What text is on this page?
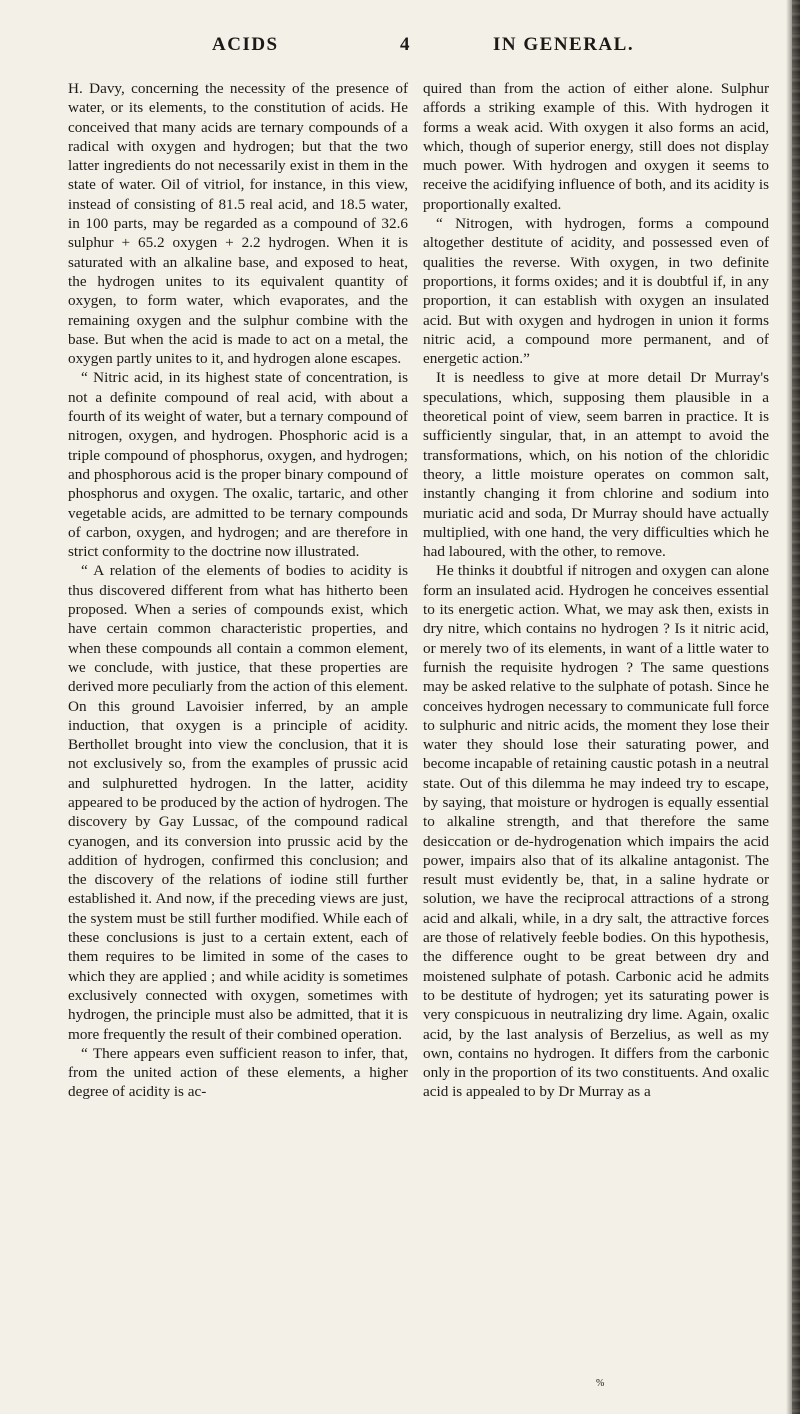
ACIDS	4	IN GENERAL.

H. Davy, concerning the necessity of the presence of water, or its elements, to the constitution of acids. He conceived that many acids are ternary compounds of a radical with oxygen and hydrogen; but that the two latter ingredients do not necessarily exist in them in the state of water. Oil of vitriol, for instance, in this view, instead of consisting of 81.5 real acid, and 18.5 water, in 100 parts, may be regarded as a compound of 32.6 sulphur + 65.2 oxygen + 2.2 hydrogen. When it is saturated with an alkaline base, and exposed to heat, the hydrogen unites to its equivalent quantity of oxygen, to form water, which evaporates, and the remaining oxygen and the sulphur combine with the base. But when the acid is made to act on a metal, the oxygen partly unites to it, and hydrogen alone escapes.

“ Nitric acid, in its highest state of concentration, is not a definite compound of real acid, with about a fourth of its weight of water, but a ternary compound of nitrogen, oxygen, and hydrogen. Phosphoric acid is a triple compound of phosphorus, oxygen, and hydrogen; and phosphorous acid is the proper binary compound of phosphorus and oxygen. The oxalic, tartaric, and other vegetable acids, are admitted to be ternary compounds of carbon, oxygen, and hydrogen; and are therefore in strict conformity to the doctrine now illustrated.

“ A relation of the elements of bodies to acidity is thus discovered different from what has hitherto been proposed. When a series of compounds exist, which have certain common characteristic properties, and when these compounds all contain a common element, we conclude, with justice, that these properties are derived more peculiarly from the action of this element. On this ground Lavoisier inferred, by an ample induction, that oxygen is a principle of acidity. Berthollet brought into view the conclusion, that it is not exclusively so, from the examples of prussic acid and sulphuretted hydrogen. In the latter, acidity appeared to be produced by the action of hydrogen. The discovery by Gay Lussac, of the compound radical cyanogen, and its conversion into prussic acid by the addition of hydrogen, confirmed this conclusion; and the discovery of the relations of iodine still further established it. And now, if the preceding views are just, the system must be still further modified. While each of these conclusions is just to a certain extent, each of them requires to be limited in some of the cases to which they are applied ; and while acidity is sometimes exclusively connected with oxygen, sometimes with hydrogen, the principle must also be admitted, that it is more frequently the result of their combined operation.

“ There appears even sufficient reason to infer, that, from the united action of these elements, a higher degree of acidity is ac-

quired than from the action of either alone. Sulphur affords a striking example of this. With hydrogen it forms a weak acid. With oxygen it also forms an acid, which, though of superior energy, still does not display much power. With hydrogen and oxygen it seems to receive the acidifying influence of both, and its acidity is proportionally exalted.

“ Nitrogen, with hydrogen, forms a compound altogether destitute of acidity, and possessed even of qualities the reverse. With oxygen, in two definite proportions, it forms oxides; and it is doubtful if, in any proportion, it can establish with oxygen an insulated acid. But with oxygen and hydrogen in union it forms nitric acid, a compound more permanent, and of energetic action.”

It is needless to give at more detail Dr Murray's speculations, which, supposing them plausible in a theoretical point of view, seem barren in practice. It is sufficiently singular, that, in an attempt to avoid the transformations, which, on his notion of the chloridic theory, a little moisture operates on common salt, instantly changing it from chlorine and sodium into muriatic acid and soda, Dr Murray should have actually multiplied, with one hand, the very difficulties which he had laboured, with the other, to remove.

He thinks it doubtful if nitrogen and oxygen can alone form an insulated acid. Hydrogen he conceives essential to its energetic action. What, we may ask then, exists in dry nitre, which contains no hydrogen ? Is it nitric acid, or merely two of its elements, in want of a little water to furnish the requisite hydrogen ? The same questions may be asked relative to the sulphate of potash. Since he conceives hydrogen necessary to communicate full force to sulphuric and nitric acids, the moment they lose their water they should lose their saturating power, and become incapable of retaining caustic potash in a neutral state. Out of this dilemma he may indeed try to escape, by saying, that moisture or hydrogen is equally essential to alkaline strength, and that therefore the same desiccation or de-hydrogenation which impairs the acid power, impairs also that of its alkaline antagonist. The result must evidently be, that, in a saline hydrate or solution, we have the reciprocal attractions of a strong acid and alkali, while, in a dry salt, the attractive forces are those of relatively feeble bodies. On this hypothesis, the difference ought to be great between dry and moistened sulphate of potash. Carbonic acid he admits to be destitute of hydrogen; yet its saturating power is very conspicuous in neutralizing dry lime. Again, oxalic acid, by the last analysis of Berzelius, as well as my own, contains no hydrogen. It differs from the carbonic only in the proportion of its two constituents. And oxalic acid is appealed to by Dr Murray as a

%
